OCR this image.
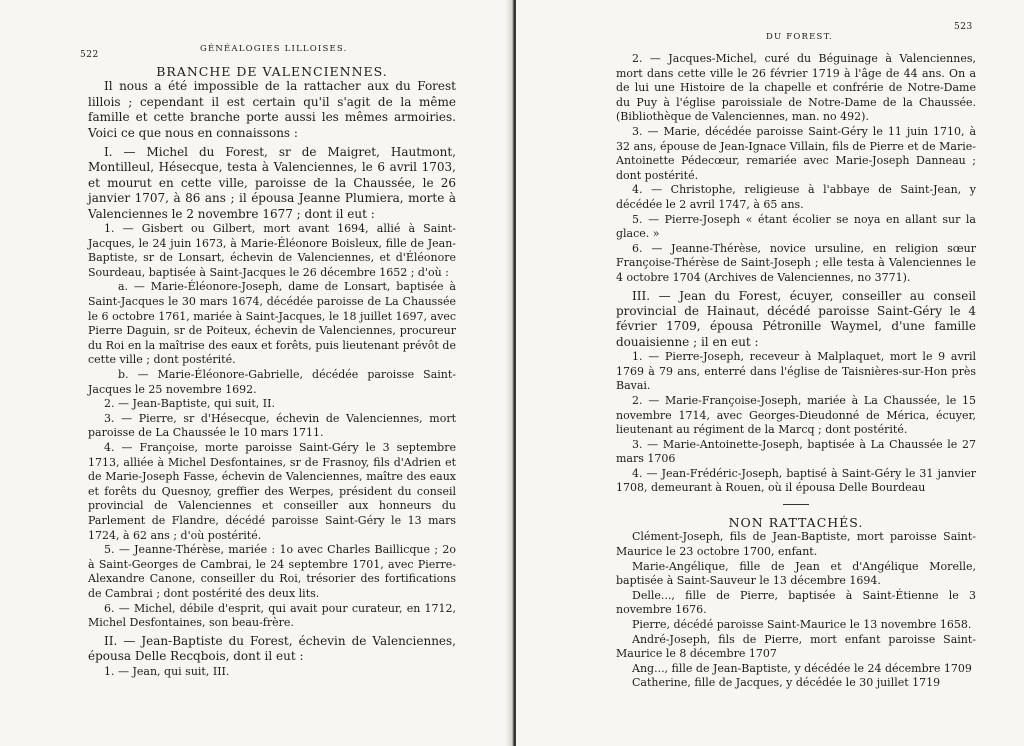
522
GÉNÉALOGIES LILLOISES.

BRANCHE DE VALENCIENNES.

Il nous a été impossible de la rattacher aux du Forest lillois ; cependant il est certain qu'il s'agit de la même famille et cette branche porte aussi les mêmes armoiries. Voici ce que nous en connaissons :

I. — Michel du Forest, sr de Maigret, Hautmont, Montilleul, Hésecque, testa à Valenciennes, le 6 avril 1703, et mourut en cette ville, paroisse de la Chaussée, le 26 janvier 1707, à 86 ans ; il épousa Jeanne Plumiera, morte à Valenciennes le 2 novembre 1677 ; dont il eut :

1. — Gisbert ou Gilbert, mort avant 1694, allié à Saint-Jacques, le 24 juin 1673, à Marie-Éléonore Boisleux, fille de Jean-Baptiste, sr de Lonsart, échevin de Valenciennes, et d'Éléonore Sourdeau, baptisée à Saint-Jacques le 26 décembre 1652 ; d'où :

a. — Marie-Éléonore-Joseph, dame de Lonsart, baptisée à Saint-Jacques le 30 mars 1674, décédée paroisse de La Chaussée le 6 octobre 1761, mariée à Saint-Jacques, le 18 juillet 1697, avec Pierre Daguin, sr de Poiteux, échevin de Valenciennes, procureur du Roi en la maîtrise des eaux et forêts, puis lieutenant prévôt de cette ville ; dont postérité.

b. — Marie-Éléonore-Gabrielle, décédée paroisse Saint-Jacques le 25 novembre 1692.

2. — Jean-Baptiste, qui suit, II.

3. — Pierre, sr d'Hésecque, échevin de Valenciennes, mort paroisse de La Chaussée le 10 mars 1711.

4. — Françoise, morte paroisse Saint-Géry le 3 septembre 1713, alliée à Michel Desfontaines, sr de Frasnoy, fils d'Adrien et de Marie-Joseph Fasse, échevin de Valenciennes, maître des eaux et forêts du Quesnoy, greffier des Werpes, président du conseil provincial de Valenciennes et conseiller aux honneurs du Parlement de Flandre, décédé paroisse Saint-Géry le 13 mars 1724, à 62 ans ; d'où postérité.

5. — Jeanne-Thérèse, mariée : 1o avec Charles Baillicque ; 2o à Saint-Georges de Cambrai, le 24 septembre 1701, avec Pierre-Alexandre Canone, conseiller du Roi, trésorier des fortifications de Cambrai ; dont postérité des deux lits.

6. — Michel, débile d'esprit, qui avait pour curateur, en 1712, Michel Desfontaines, son beau-frère.

II. — Jean-Baptiste du Forest, échevin de Valenciennes, épousa Delle Recqbois, dont il eut :

1. — Jean, qui suit, III.

DU FOREST.
523

2. — Jacques-Michel, curé du Béguinage à Valenciennes, mort dans cette ville le 26 février 1719 à l'âge de 44 ans. On a de lui une Histoire de la chapelle et confrérie de Notre-Dame du Puy à l'église paroissiale de Notre-Dame de la Chaussée. (Bibliothèque de Valenciennes, man. no 492).

3. — Marie, décédée paroisse Saint-Géry le 11 juin 1710, à 32 ans, épouse de Jean-Ignace Villain, fils de Pierre et de Marie-Antoinette Pédecœur, remariée avec Marie-Joseph Danneau ; dont postérité.

4. — Christophe, religieuse à l'abbaye de Saint-Jean, y décédée le 2 avril 1747, à 65 ans.

5. — Pierre-Joseph « étant écolier se noya en allant sur la glace. »

6. — Jeanne-Thérèse, novice ursuline, en religion sœur Françoise-Thérèse de Saint-Joseph ; elle testa à Valenciennes le 4 octobre 1704 (Archives de Valenciennes, no 3771).

III. — Jean du Forest, écuyer, conseiller au conseil provincial de Hainaut, décédé paroisse Saint-Géry le 4 février 1709, épousa Pétronille Waymel, d'une famille douaisienne ; il en eut :

1. — Pierre-Joseph, receveur à Malplaquet, mort le 9 avril 1769 à 79 ans, enterré dans l'église de Taisnières-sur-Hon près Bavai.

2. — Marie-Françoise-Joseph, mariée à La Chaussée, le 15 novembre 1714, avec Georges-Dieudonné de Mérica, écuyer, lieutenant au régiment de la Marcq ; dont postérité.

3. — Marie-Antoinette-Joseph, baptisée à La Chaussée le 27 mars 1706

4. — Jean-Frédéric-Joseph, baptisé à Saint-Géry le 31 janvier 1708, demeurant à Rouen, où il épousa Delle Bourdeau

NON RATTACHÉS.

Clément-Joseph, fils de Jean-Baptiste, mort paroisse Saint-Maurice le 23 octobre 1700, enfant.

Marie-Angélique, fille de Jean et d'Angélique Morelle, baptisée à Saint-Sauveur le 13 décembre 1694.

Delle..., fille de Pierre, baptisée à Saint-Étienne le 3 novembre 1676.

Pierre, décédé paroisse Saint-Maurice le 13 novembre 1658.

André-Joseph, fils de Pierre, mort enfant paroisse Saint-Maurice le 8 décembre 1707

Ang..., fille de Jean-Baptiste, y décédée le 24 décembre 1709

Catherine, fille de Jacques, y décédée le 30 juillet 1719
